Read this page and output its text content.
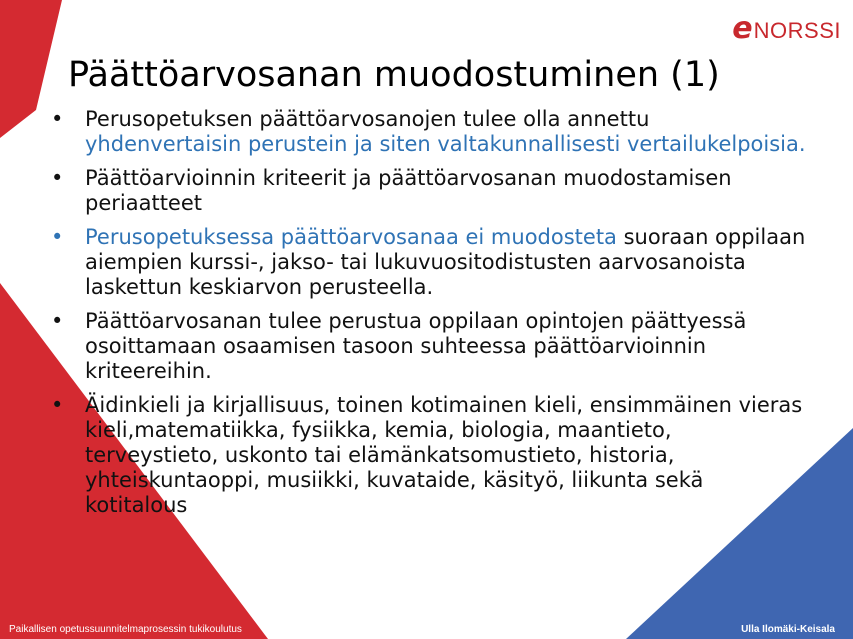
e NORSSI
Päättöarvosanan muodostuminen (1)
• Perusopetuksen päättöarvosanojen tulee olla annettu yhdenvertaisin perustein ja siten valtakunnallisesti vertailukelpoisia.
• Päättöarvioinnin kriteerit ja päättöarvosanan muodostamisen periaatteet
• Perusopetuksessa päättöarvosanaa ei muodosteta suoraan oppilaan aiempien kurssi-, jakso- tai lukuvuositodistusten aarvosanoista laskettun keskiarvon perusteella.
• Päättöarvosanan tulee perustua oppilaan opintojen päättyessä osoittamaan osaamisen tasoon suhteessa päättöarvioinnin kriteereihin.
• Äidinkieli ja kirjallisuus, toinen kotimainen kieli, ensimmäinen vieras kieli,matematiikka, fysiikka, kemia, biologia, maantieto, terveystieto, uskonto tai elämänkatsomustieto, historia, yhteiskuntaoppi, musiikki, kuvataide, käsityö, liikunta sekä kotitalous
Paikallisen opetussuunnitelmaprosessin tukikoulutus	Ulla Ilomäki-Keisala
